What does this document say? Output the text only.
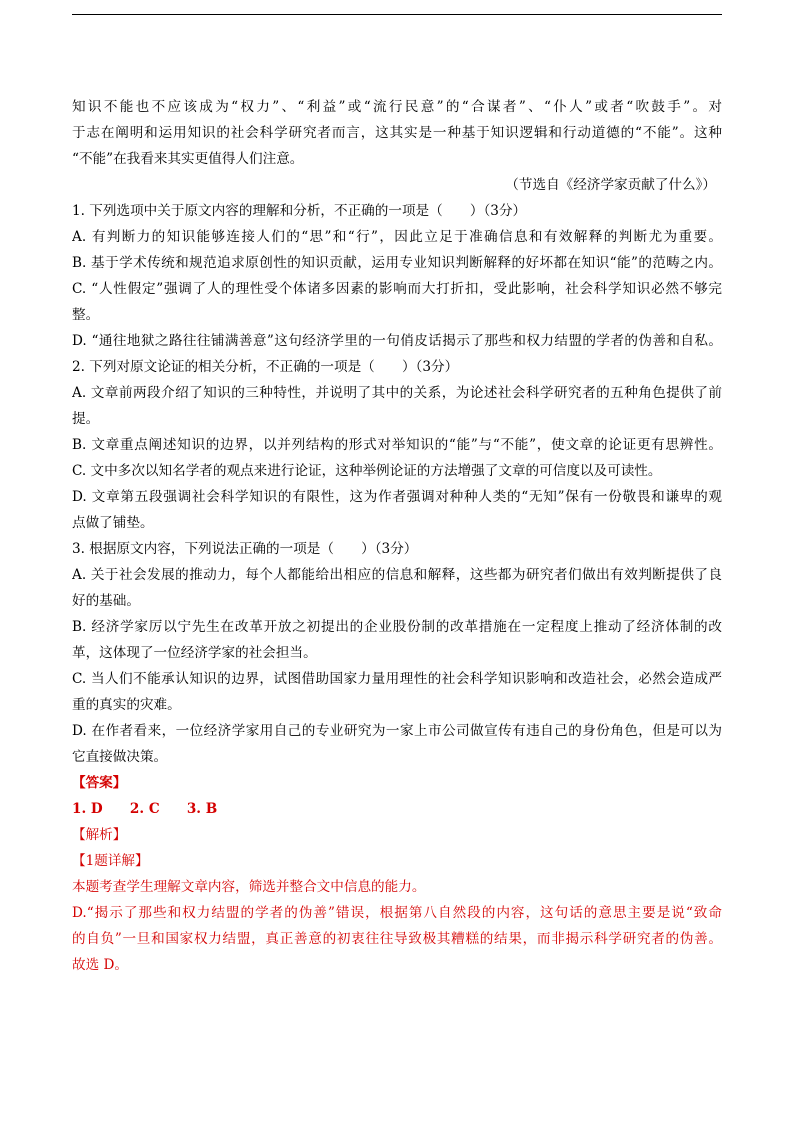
知识不能也不应该成为“权力”、“利益”或“流行民意”的“合谋者”、“仆人”或者“吹鼓手”。对
于志在阐明和运用知识的社会科学研究者而言，这其实是一种基于知识逻辑和行动道德的“不能”。这种
“不能”在我看来其实更值得人们注意。
（节选自《经济学家贡献了什么》）
1. 下列选项中关于原文内容的理解和分析，不正确的一项是（　　）（3分）
A. 有判断力的知识能够连接人们的“思”和“行”，因此立足于准确信息和有效解释的判断尤为重要。
B. 基于学术传统和规范追求原创性的知识贡献，运用专业知识判断解释的好坏都在知识“能”的范畴之内。
C. “人性假定”强调了人的理性受个体诸多因素的影响而大打折扣，受此影响，社会科学知识必然不够完
整。
D. “通往地狱之路往往铺满善意”这句经济学里的一句俏皮话揭示了那些和权力结盟的学者的伪善和自私。
2. 下列对原文论证的相关分析，不正确的一项是（　　）（3分）
A. 文章前两段介绍了知识的三种特性，并说明了其中的关系，为论述社会科学研究者的五种角色提供了前
提。
B. 文章重点阐述知识的边界，以并列结构的形式对举知识的“能”与“不能”，使文章的论证更有思辨性。
C. 文中多次以知名学者的观点来进行论证，这种举例论证的方法增强了文章的可信度以及可读性。
D. 文章第五段强调社会科学知识的有限性，这为作者强调对种种人类的“无知”保有一份敬畏和谦卑的观
点做了铺垫。
3. 根据原文内容，下列说法正确的一项是（　　）（3分）
A. 关于社会发展的推动力，每个人都能给出相应的信息和解释，这些都为研究者们做出有效判断提供了良
好的基础。
B. 经济学家厉以宁先生在改革开放之初提出的企业股份制的改革措施在一定程度上推动了经济体制的改
革，这体现了一位经济学家的社会担当。
C. 当人们不能承认知识的边界，试图借助国家力量用理性的社会科学知识影响和改造社会，必然会造成严
重的真实的灾难。
D. 在作者看来，一位经济学家用自己的专业研究为一家上市公司做宣传有违自己的身份角色，但是可以为
它直接做决策。
【答案】
1. D　　2. C　　3. B
【解析】
【1题详解】
本题考查学生理解文章内容，筛选并整合文中信息的能力。
D.“揭示了那些和权力结盟的学者的伪善”错误，根据第八自然段的内容，这句话的意思主要是说“致命
的自负”一旦和国家权力结盟，真正善意的初衷往往导致极其糟糕的结果，而非揭示科学研究者的伪善。
故选 D。
